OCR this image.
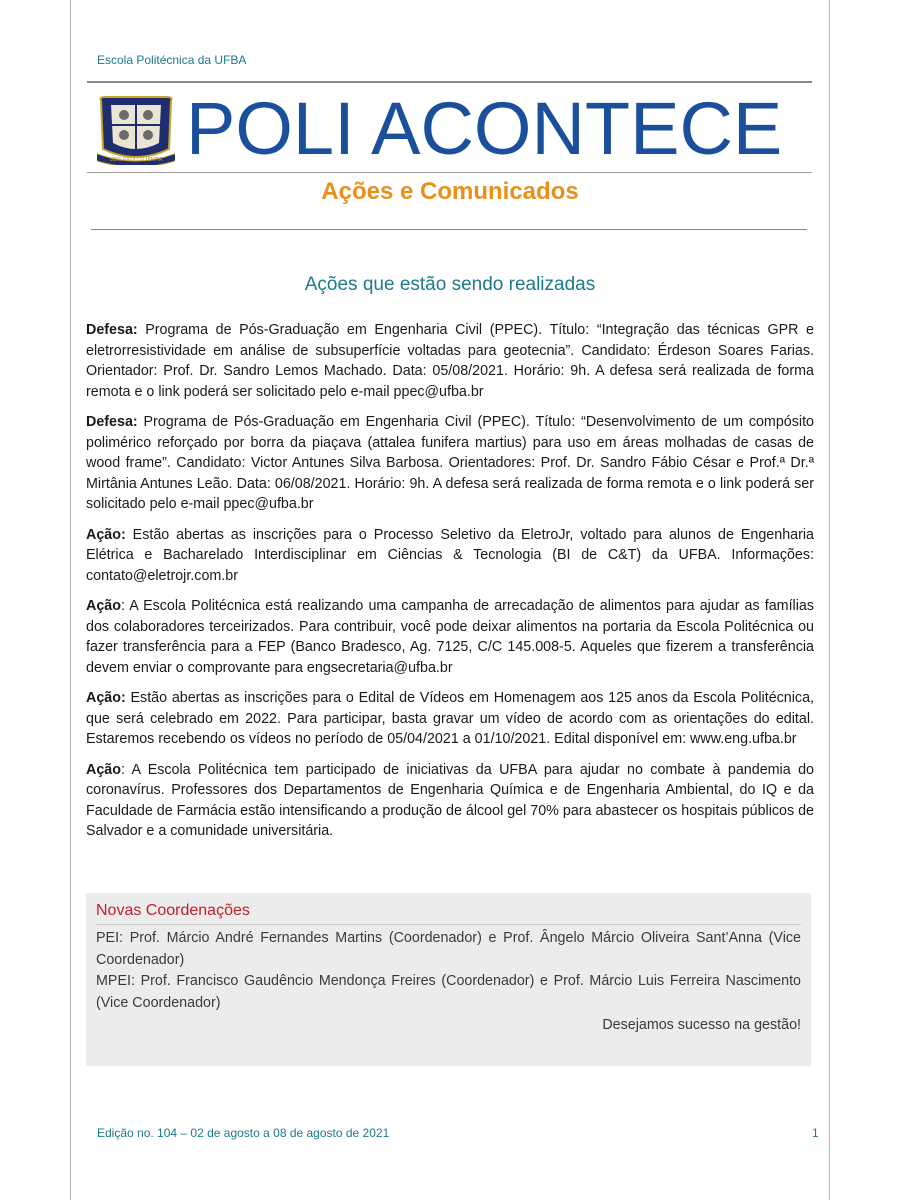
Escola Politécnica da UFBA
UBIS RATIO SCIENTIA POLI ACONTECE
Ações e Comunicados
Ações que estão sendo realizadas

Defesa: Programa de Pós-Graduação em Engenharia Civil (PPEC). Título: “Integração das técnicas GPR e eletrorresistividade em análise de subsuperfície voltadas para geotecnia”. Candidato: Érdeson Soares Farias. Orientador: Prof. Dr. Sandro Lemos Machado. Data: 05/08/2021. Horário: 9h. A defesa será realizada de forma remota e o link poderá ser solicitado pelo e-mail ppec@ufba.br

Defesa: Programa de Pós-Graduação em Engenharia Civil (PPEC). Título: “Desenvolvimento de um compósito polimérico reforçado por borra da piaçava (attalea funifera martius) para uso em áreas molhadas de casas de wood frame”. Candidato: Victor Antunes Silva Barbosa. Orientadores: Prof. Dr. Sandro Fábio César e Prof.ª Dr.ª Mirtânia Antunes Leão. Data: 06/08/2021. Horário: 9h. A defesa será realizada de forma remota e o link poderá ser solicitado pelo e-mail ppec@ufba.br

Ação: Estão abertas as inscrições para o Processo Seletivo da EletroJr, voltado para alunos de Engenharia Elétrica e Bacharelado Interdisciplinar em Ciências & Tecnologia (BI de C&T) da UFBA. Informações: contato@eletrojr.com.br

Ação: A Escola Politécnica está realizando uma campanha de arrecadação de alimentos para ajudar as famílias dos colaboradores terceirizados. Para contribuir, você pode deixar alimentos na portaria da Escola Politécnica ou fazer transferência para a FEP (Banco Bradesco, Ag. 7125, C/C 145.008-5. Aqueles que fizerem a transferência devem enviar o comprovante para engsecretaria@ufba.br

Ação: Estão abertas as inscrições para o Edital de Vídeos em Homenagem aos 125 anos da Escola Politécnica, que será celebrado em 2022. Para participar, basta gravar um vídeo de acordo com as orientações do edital. Estaremos recebendo os vídeos no período de 05/04/2021 a 01/10/2021. Edital disponível em: www.eng.ufba.br

Ação: A Escola Politécnica tem participado de iniciativas da UFBA para ajudar no combate à pandemia do coronavírus. Professores dos Departamentos de Engenharia Química e de Engenharia Ambiental, do IQ e da Faculdade de Farmácia estão intensificando a produção de álcool gel 70% para abastecer os hospitais públicos de Salvador e a comunidade universitária.

Novas Coordenações

PEI: Prof. Márcio André Fernandes Martins (Coordenador) e Prof. Ângelo Márcio Oliveira Sant’Anna (Vice Coordenador)

MPEI: Prof. Francisco Gaudêncio Mendonça Freires (Coordenador) e Prof. Márcio Luis Ferreira Nascimento (Vice Coordenador)

Desejamos sucesso na gestão!

Edição no. 104 – 02 de agosto a 08 de agosto de 2021	1
